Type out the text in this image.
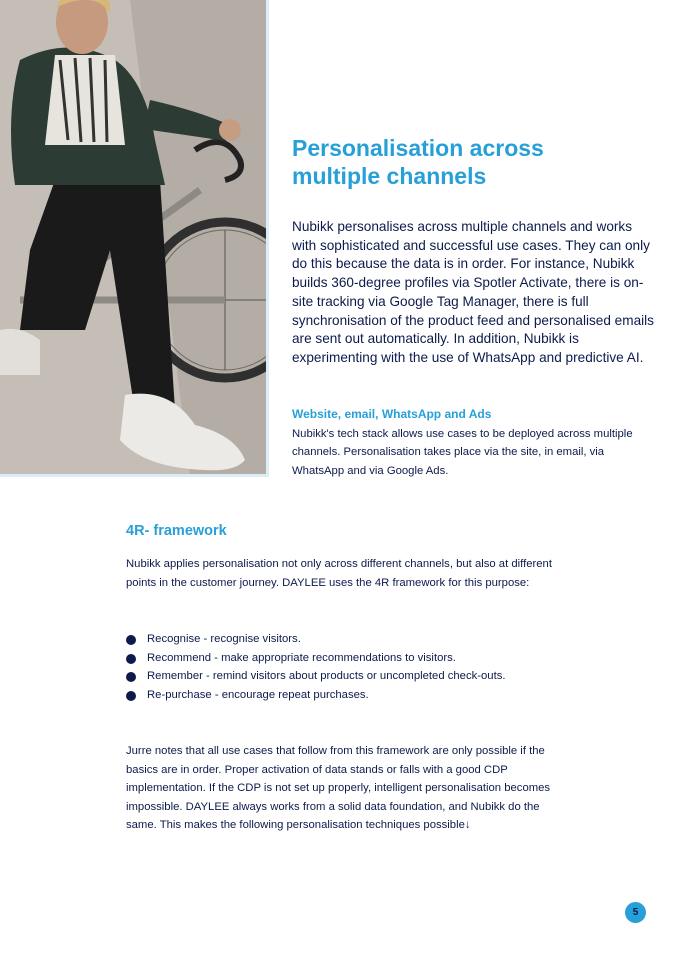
Personalisation across multiple channels

Nubikk personalises across multiple channels and works with sophisticated and successful use cases. They can only do this because the data is in order. For instance, Nubikk builds 360-degree profiles via Spotler Activate, there is on-site tracking via Google Tag Manager, there is full synchronisation of the product feed and personalised emails are sent out automatically. In addition, Nubikk is experimenting with the use of WhatsApp and predictive AI.

Website, email, WhatsApp and Ads

Nubikk's tech stack allows use cases to be deployed across multiple channels. Personalisation takes place via the site, in email, via WhatsApp and via Google Ads.

4R- framework

Nubikk applies personalisation not only across different channels, but also at different points in the customer journey. DAYLEE uses the 4R framework for this purpose:

Recognise - recognise visitors.
Recommend - make appropriate recommendations to visitors.
Remember - remind visitors about products or uncompleted check-outs.
Re-purchase - encourage repeat purchases.

Jurre notes that all use cases that follow from this framework are only possible if the basics are in order. Proper activation of data stands or falls with a good CDP implementation. If the CDP is not set up properly, intelligent personalisation becomes impossible. DAYLEE always works from a solid data foundation, and Nubikk do the same. This makes the following personalisation techniques possible↓

5
